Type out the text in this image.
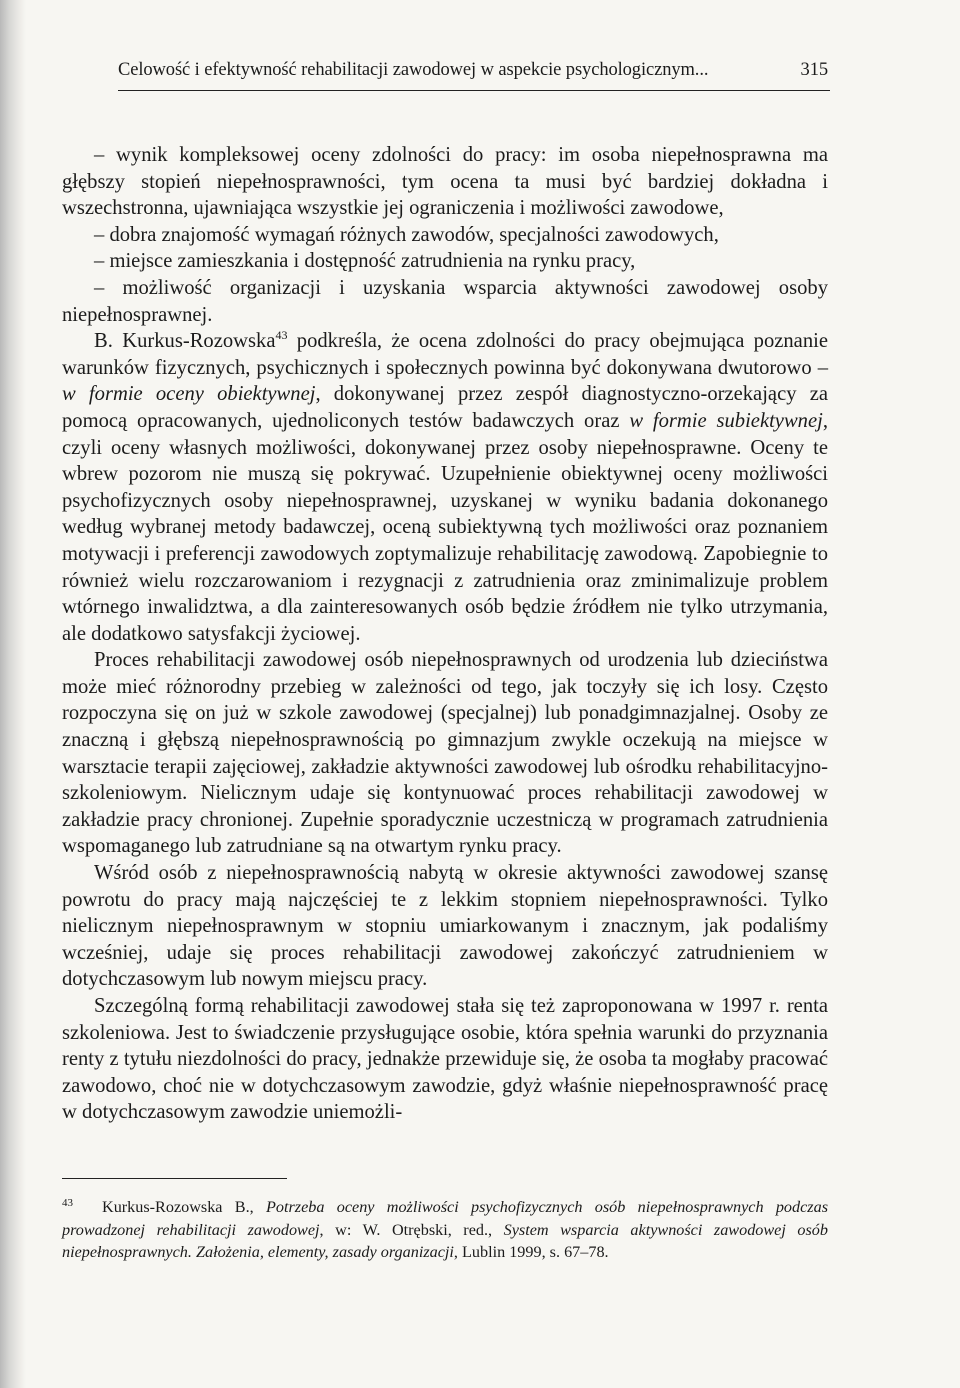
Celowość i efektywność rehabilitacji zawodowej w aspekcie psychologicznym...	315

– wynik kompleksowej oceny zdolności do pracy: im osoba niepełnosprawna ma głębszy stopień niepełnosprawności, tym ocena ta musi być bardziej dokładna i wszechstronna, ujawniająca wszystkie jej ograniczenia i możliwości zawodowe,

– dobra znajomość wymagań różnych zawodów, specjalności zawodowych,

– miejsce zamieszkania i dostępność zatrudnienia na rynku pracy,

– możliwość organizacji i uzyskania wsparcia aktywności zawodowej osoby niepełnosprawnej.

B. Kurkus-Rozowska$^{43}$ podkreśla, że ocena zdolności do pracy obejmująca poznanie warunków fizycznych, psychicznych i społecznych powinna być dokonywana dwutorowo – w formie oceny obiektywnej, dokonywanej przez zespół diagnostyczno-orzekający za pomocą opracowanych, ujednoliconych testów badawczych oraz w formie subiektywnej, czyli oceny własnych możliwości, dokonywanej przez osoby niepełnosprawne. Oceny te wbrew pozorom nie muszą się pokrywać. Uzupełnienie obiektywnej oceny możliwości psychofizycznych osoby niepełnosprawnej, uzyskanej w wyniku badania dokonanego według wybranej metody badawczej, oceną subiektywną tych możliwości oraz poznaniem motywacji i preferencji zawodowych zoptymalizuje rehabilitację zawodową. Zapobiegnie to również wielu rozczarowaniom i rezygnacji z zatrudnienia oraz zminimalizuje problem wtórnego inwalidztwa, a dla zainteresowanych osób będzie źródłem nie tylko utrzymania, ale dodatkowo satysfakcji życiowej.

Proces rehabilitacji zawodowej osób niepełnosprawnych od urodzenia lub dzieciństwa może mieć różnorodny przebieg w zależności od tego, jak toczyły się ich losy. Często rozpoczyna się on już w szkole zawodowej (specjalnej) lub ponadgimnazjalnej. Osoby ze znaczną i głębszą niepełnosprawnością po gimnazjum zwykle oczekują na miejsce w warsztacie terapii zajęciowej, zakładzie aktywności zawodowej lub ośrodku rehabilitacyjno-szkoleniowym. Nielicznym udaje się kontynuować proces rehabilitacji zawodowej w zakładzie pracy chronionej. Zupełnie sporadycznie uczestniczą w programach zatrudnienia wspomaganego lub zatrudniane są na otwartym rynku pracy.

Wśród osób z niepełnosprawnością nabytą w okresie aktywności zawodowej szansę powrotu do pracy mają najczęściej te z lekkim stopniem niepełnosprawności. Tylko nielicznym niepełnosprawnym w stopniu umiarkowanym i znacznym, jak podaliśmy wcześniej, udaje się proces rehabilitacji zawodowej zakończyć zatrudnieniem w dotychczasowym lub nowym miejscu pracy.

Szczególną formą rehabilitacji zawodowej stała się też zaproponowana w 1997 r. renta szkoleniowa. Jest to świadczenie przysługujące osobie, która spełnia warunki do przyznania renty z tytułu niezdolności do pracy, jednakże przewiduje się, że osoba ta mogłaby pracować zawodowo, choć nie w dotychczasowym zawodzie, gdyż właśnie niepełnosprawność pracę w dotychczasowym zawodzie uniemożli-

43 Kurkus-Rozowska B., Potrzeba oceny możliwości psychofizycznych osób niepełnosprawnych podczas prowadzonej rehabilitacji zawodowej, w: W. Otrębski, red., System wsparcia aktywności zawodowej osób niepełnosprawnych. Założenia, elementy, zasady organizacji, Lublin 1999, s. 67–78.
